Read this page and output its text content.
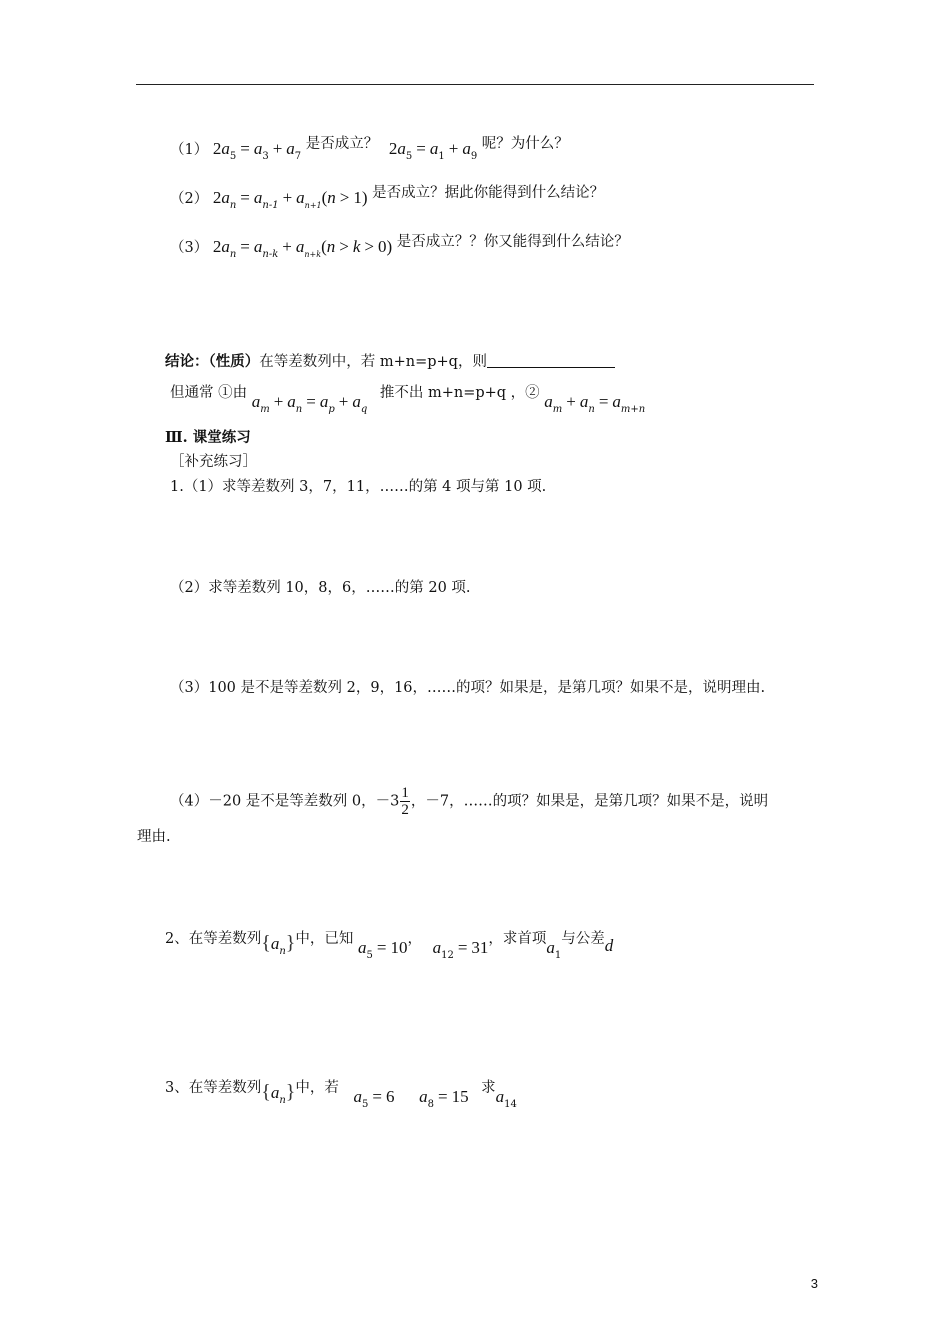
（1） $2a_5 = a_3 + a_7$ 是否成立？ $2a_5 = a_1 + a_9$ 呢？为什么？
（2） $2a_n = a_{n-1} + a_{n+1}(n > 1)$ 是否成立？据此你能得到什么结论？
（3） $2a_n = a_{n-k} + a_{n+k}(n > k > 0)$ 是否成立？？你又能得到什么结论？
结论：（性质）在等差数列中，若 m+n=p+q，则
但通常 ①由 $a_m + a_n = a_p + a_q$ 推不出 m+n=p+q ，② $a_m + a_n = a_{m+n}$
Ⅲ. 课堂练习
［补充练习］
1.（1）求等差数列 3，7，11，……的第 4 项与第 10 项.
（2）求等差数列 10，8，6，……的第 20 项.
（3）100 是不是等差数列 2，9，16，……的项？如果是，是第几项？如果不是，说明理由.
（4）－20 是不是等差数列 0，$-3 \frac{1}{2}$ ，－7，……的项？如果是，是第几项？如果不是，说明
理由.
2、在等差数列$\{a_n\}$中，已知 $a_5 = 10$， $a_{12} = 31$，求首项$a_1$与公差d
3、在等差数列$\{a_n\}$中，若 $a_5 = 6$ $a_8 = 15$ 求$a_{14}$
3
